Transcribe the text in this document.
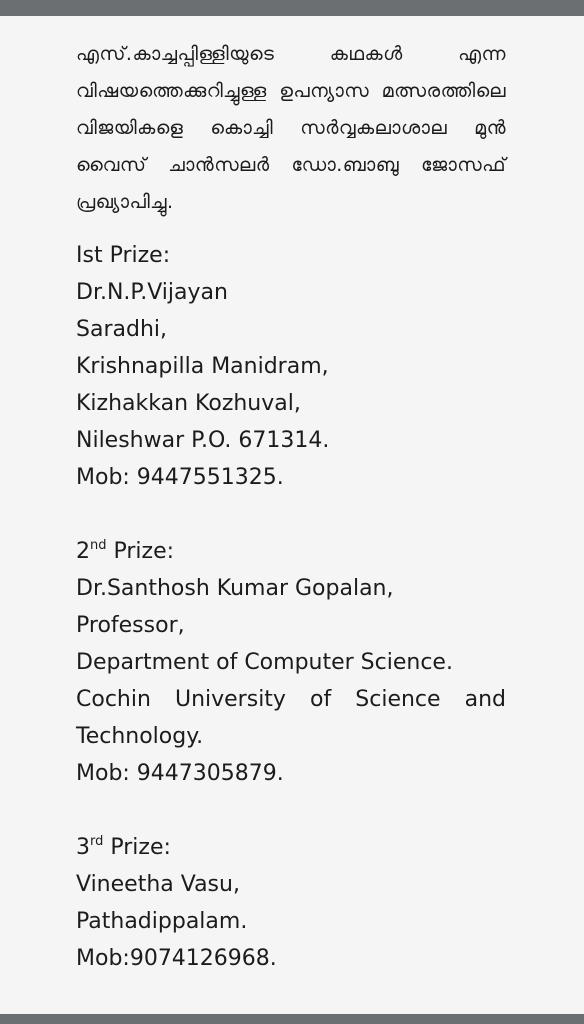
എസ്.കാച്ചപ്പിള്ളിയുടെ കഥകൾ എന്ന വിഷയത്തെക്കുറിച്ചുള്ള ഉപന്യാസ മത്സരത്തിലെ വിജയികളെ കൊച്ചി സർവ്വകലാശാല മുൻ വൈസ് ചാൻസലർ ഡോ.ബാബു ജോസഫ് പ്രഖ്യാപിച്ചു.

Ist Prize:
Dr.N.P.Vijayan
Saradhi,
Krishnapilla Manidram,
Kizhakkan Kozhuval,
Nileshwar P.O. 671314.
Mob: 9447551325.
2nd Prize:
Dr.Santhosh Kumar Gopalan,
Professor,
Department of Computer Science.
Cochin University of Science and
Technology.
Mob: 9447305879.
3rd Prize:
Vineetha Vasu,
Pathadippalam.
Mob:9074126968.
